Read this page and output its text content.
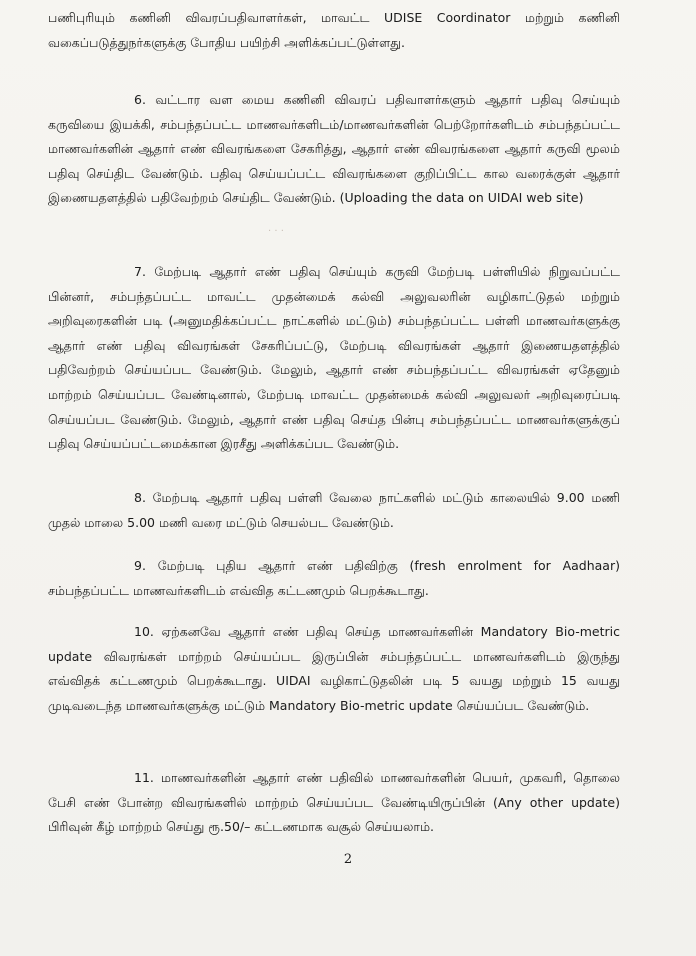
· · ·

பணிபுரியும் கணினி விவரப்பதிவாளர்கள், மாவட்ட UDISE Coordinator மற்றும் கணினி வகைப்படுத்துநர்களுக்கு போதிய பயிற்சி அளிக்கப்பட்டுள்ளது.

6. வட்டார வள மைய கணினி விவரப் பதிவாளர்களும் ஆதார் பதிவு செய்யும் கருவியை இயக்கி, சம்பந்தப்பட்ட மாணவர்களிடம்/மாணவர்களின் பெற்றோர்களிடம் சம்பந்தப்பட்ட மாணவர்களின் ஆதார் எண் விவரங்களை சேகரித்து, ஆதார் எண் விவரங்களை ஆதார் கருவி மூலம் பதிவு செய்திட வேண்டும். பதிவு செய்யப்பட்ட விவரங்களை குறிப்பிட்ட கால வரைக்குள் ஆதார் இணையதளத்தில் பதிவேற்றம் செய்திட வேண்டும். (Uploading the data on UIDAI web site)

7. மேற்படி ஆதார் எண் பதிவு செய்யும் கருவி மேற்படி பள்ளியில் நிறுவப்பட்ட பின்னர், சம்பந்தப்பட்ட மாவட்ட முதன்மைக் கல்வி அலுவலரின் வழிகாட்டுதல் மற்றும் அறிவுரைகளின் படி (அனுமதிக்கப்பட்ட நாட்களில் மட்டும்) சம்பந்தப்பட்ட பள்ளி மாணவர்களுக்கு ஆதார் எண் பதிவு விவரங்கள் சேகரிப்பட்டு, மேற்படி விவரங்கள் ஆதார் இணையதளத்தில் பதிவேற்றம் செய்யப்பட வேண்டும். மேலும், ஆதார் எண் சம்பந்தப்பட்ட விவரங்கள் ஏதேனும் மாற்றம் செய்யப்பட வேண்டினால், மேற்படி மாவட்ட முதன்மைக் கல்வி அலுவலர் அறிவுரைப்படி செய்யப்பட வேண்டும். மேலும், ஆதார் எண் பதிவு செய்த பின்பு சம்பந்தப்பட்ட மாணவர்களுக்குப் பதிவு செய்யப்பட்டமைக்கான இரசீது அளிக்கப்பட வேண்டும்.

8. மேற்படி ஆதார் பதிவு பள்ளி வேலை நாட்களில் மட்டும் காலையில் 9.00 மணி முதல் மாலை 5.00 மணி வரை மட்டும் செயல்பட வேண்டும்.

9. மேற்படி புதிய ஆதார் எண் பதிவிற்கு (fresh enrolment for Aadhaar) சம்பந்தப்பட்ட மாணவர்களிடம் எவ்வித கட்டணமும் பெறக்கூடாது.

10. ஏற்கனவே ஆதார் எண் பதிவு செய்த மாணவர்களின் Mandatory Bio-metric update விவரங்கள் மாற்றம் செய்யப்பட இருப்பின் சம்பந்தப்பட்ட மாணவர்களிடம் இருந்து எவ்விதக் கட்டணமும் பெறக்கூடாது. UIDAI வழிகாட்டுதலின் படி 5 வயது மற்றும் 15 வயது முடிவடைந்த மாணவர்களுக்கு மட்டும் Mandatory Bio-metric update செய்யப்பட வேண்டும்.

11. மாணவர்களின் ஆதார் எண் பதிவில் மாணவர்களின் பெயர், முகவரி, தொலை பேசி எண் போன்ற விவரங்களில் மாற்றம் செய்யப்பட வேண்டியிருப்பின் (Any other update) பிரிவுன் கீழ் மாற்றம் செய்து ரூ.50/– கட்டணமாக வசூல் செய்யலாம்.

2
